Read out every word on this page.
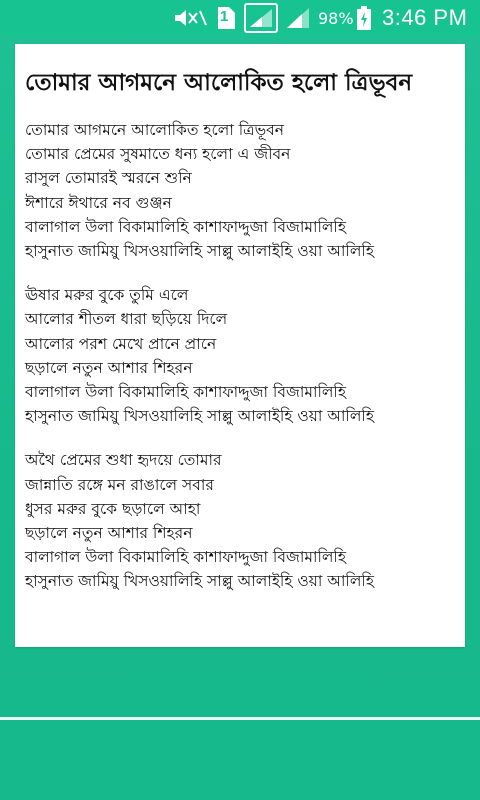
1	98% 3:46 PM
তোমার আগমনে আলোকিত হলো ত্রিভূবন
তোমার আগমনে আলোকিত হলো ত্রিভূবন
তোমার প্রেমের সুষমাতে ধন্য হলো এ জীবন
রাসুল তোমারই স্মরনে শুনি
ঈশারে ঈথারে নব গুঞ্জন
বালাগাল উলা বিকামালিহি কাশাফাদ্দুজা বিজামালিহি
হাসুনাত জামিয়ু খিসওয়ালিহি সাল্লু আলাইহি ওয়া আলিহি
ঊষার মরুর বুকে তুমি এলে
আলোর শীতল ধারা ছড়িয়ে দিলে
আলোর পরশ মেখে প্রানে প্রানে
ছড়ালে নতুন আশার শিহরন
বালাগাল উলা বিকামালিহি কাশাফাদ্দুজা বিজামালিহি
হাসুনাত জামিয়ু খিসওয়ালিহি সাল্লু আলাইহি ওয়া আলিহি
অথৈ প্রেমের শুধা হৃদয়ে তোমার
জান্নাতি রঙ্গে মন রাঙালে সবার
ধুসর মরুর বুকে ছড়ালে আহা
ছড়ালে নতুন আশার শিহরন
বালাগাল উলা বিকামালিহি কাশাফাদ্দুজা বিজামালিহি
হাসুনাত জামিয়ু খিসওয়ালিহি সাল্লু আলাইহি ওয়া আলিহি
